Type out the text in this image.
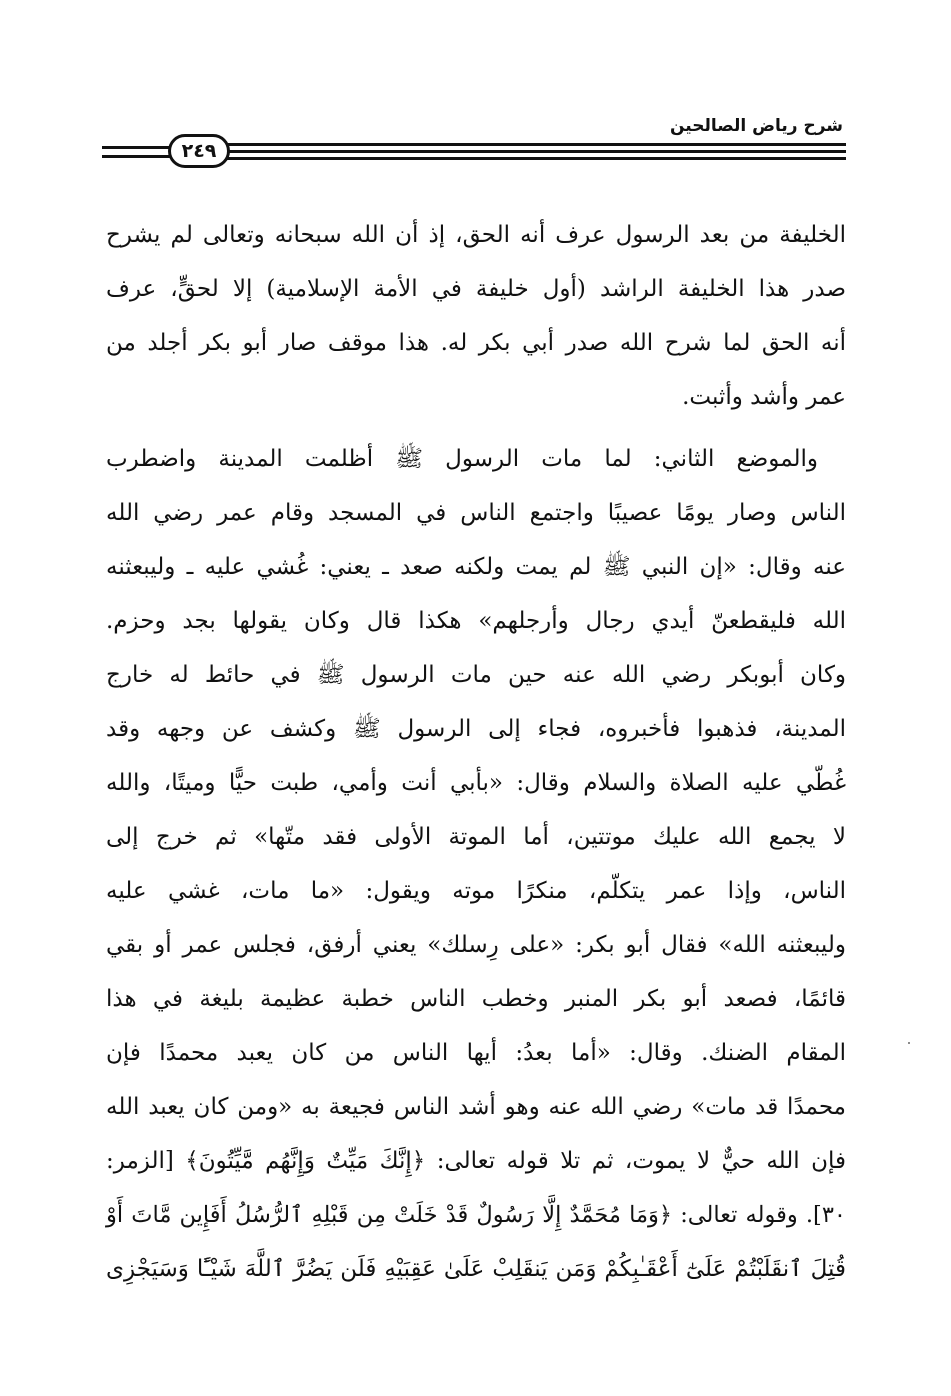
شرح رياض الصالحين
٢٤٩
الخليفة من بعد الرسول عرف أنه الحق، إذ أن الله سبحانه وتعالى لم يشرح
صدر هذا الخليفة الراشد (أول خليفة في الأمة الإسلامية) إلا لحقٍّ، عرف
أنه الحق لما شرح الله صدر أبي بكر له. هذا موقف صار أبو بكر أجلد من
عمر وأشد وأثبت.
والموضع الثاني: لما مات الرسول ﷺ أظلمت المدينة واضطرب
الناس وصار يومًا عصيبًا واجتمع الناس في المسجد وقام عمر رضي الله
عنه وقال: «إن النبي ﷺ لم يمت ولكنه صعد ـ يعني: غُشي عليه ـ وليبعثنه
الله فليقطعنّ أيدي رجال وأرجلهم» هكذا قال وكان يقولها بجد وحزم.
وكان أبوبكر رضي الله عنه حين مات الرسول ﷺ في حائط له خارج
المدينة، فذهبوا فأخبروه، فجاء إلى الرسول ﷺ وكشف عن وجهه وقد
غُطّي عليه الصلاة والسلام وقال: «بأبي أنت وأمي، طبت حيًّا وميتًا، والله
لا يجمع الله عليك موتتين، أما الموتة الأولى فقد متّها» ثم خرج إلى
الناس، وإذا عمر يتكلّم، منكرًا موته ويقول: «ما مات، غشي عليه
وليبعثنه الله» فقال أبو بكر: «على رِسلك» يعني أرفق، فجلس عمر أو بقي
قائمًا، فصعد أبو بكر المنبر وخطب الناس خطبة عظيمة بليغة في هذا
المقام الضنك. وقال: «أما بعدُ: أيها الناس من كان يعبد محمدًا فإن
محمدًا قد مات» رضي الله عنه وهو أشد الناس فجيعة به «ومن كان يعبد الله
فإن الله حيٌّ لا يموت، ثم تلا قوله تعالى: ﴿إِنَّكَ مَيِّتٌ وَإِنَّهُم مَّيِّتُونَ﴾ [الزمر:
٣٠]. وقوله تعالى: ﴿وَمَا مُحَمَّدٌ إِلَّا رَسُولٌ قَدْ خَلَتْ مِن قَبْلِهِ ٱلرُّسُلُ أَفَإِين مَّاتَ أَوْ
قُتِلَ ٱنقَلَبْتُمْ عَلَىٰٓ أَعْقَـٰبِكُمْ وَمَن يَنقَلِبْ عَلَىٰ عَقِبَيْهِ فَلَن يَضُرَّ ٱللَّهَ شَيْـًٔا وَسَيَجْزِى
